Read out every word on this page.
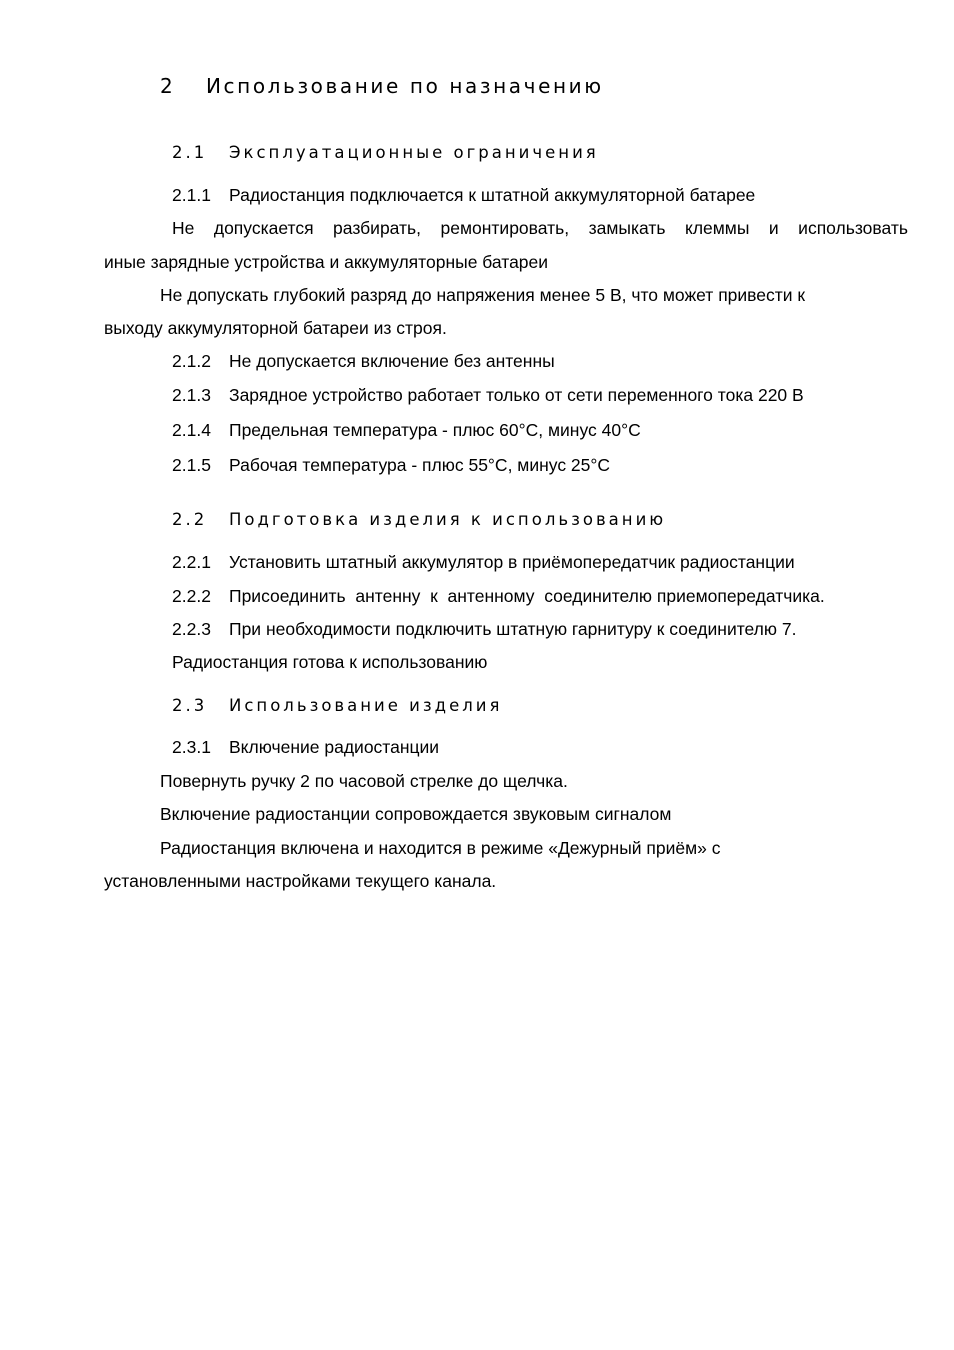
2 Использование по назначению
2.1 Эксплуатационные ограничения
2.1.1 Радиостанция подключается к штатной аккумуляторной батарее
Не допускается разбирать, ремонтировать, замыкать клеммы и использовать
иные зарядные устройства и аккумуляторные батареи
Не допускать глубокий разряд до напряжения менее 5 В, что может привести к
выходу аккумуляторной батареи из строя.
2.1.2 Не допускается включение без антенны
2.1.3 Зарядное устройство работает только от сети переменного тока 220 В
2.1.4 Предельная температура - плюс 60°С, минус 40°С
2.1.5 Рабочая температура - плюс 55°С, минус 25°С
2.2 Подготовка изделия к использованию
2.2.1 Установить штатный аккумулятор в приёмопередатчик радиостанции
2.2.2 Присоединить  антенну  к  антенному  соединителю приемопередатчика.
2.2.3 При необходимости подключить штатную гарнитуру к соединителю 7.
Радиостанция готова к использованию
2.3 Использование изделия
2.3.1 Включение радиостанции
Повернуть ручку 2 по часовой стрелке до щелчка.
Включение радиостанции сопровождается звуковым сигналом
Радиостанция включена и находится в режиме «Дежурный приём» с
установленными настройками текущего канала.
